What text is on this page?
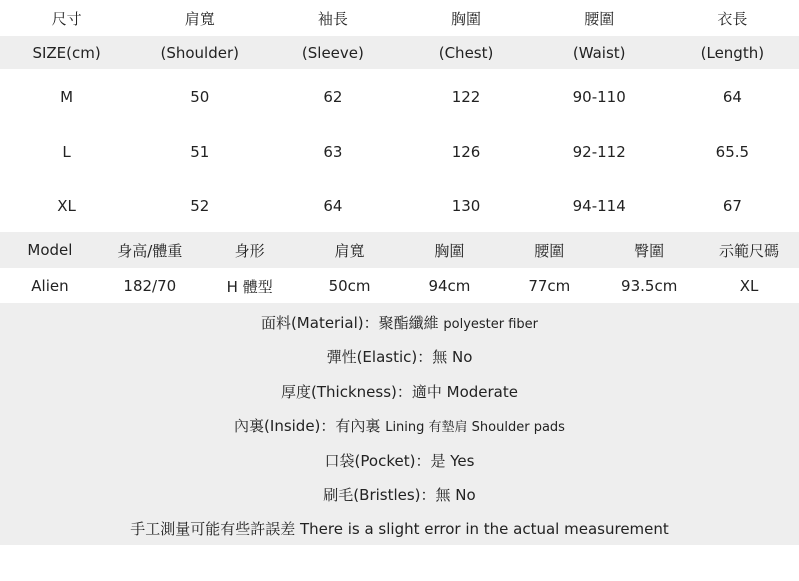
尺寸	肩寬	袖長	胸圍	腰圍	衣長
SIZE(cm)	(Shoulder)	(Sleeve)	(Chest)	(Waist)	(Length)
M	50	62	122	90-110	64
L	51	63	126	92-112	65.5
XL	52	64	130	94-114	67
Model	身高/體重	身形	肩寬	胸圍	腰圍	臀圍	示範尺碼
Alien	182/70	H 體型	50cm	94cm	77cm	93.5cm	XL
面料(Material)：聚酯纖維 polyester fiber
彈性(Elastic)：無 No
厚度(Thickness)：適中 Moderate
內裏(Inside)：有內裏 Lining 有墊肩 Shoulder pads
口袋(Pocket)：是 Yes
刷毛(Bristles)：無 No
手工測量可能有些許誤差 There is a slight error in the actual measurement
